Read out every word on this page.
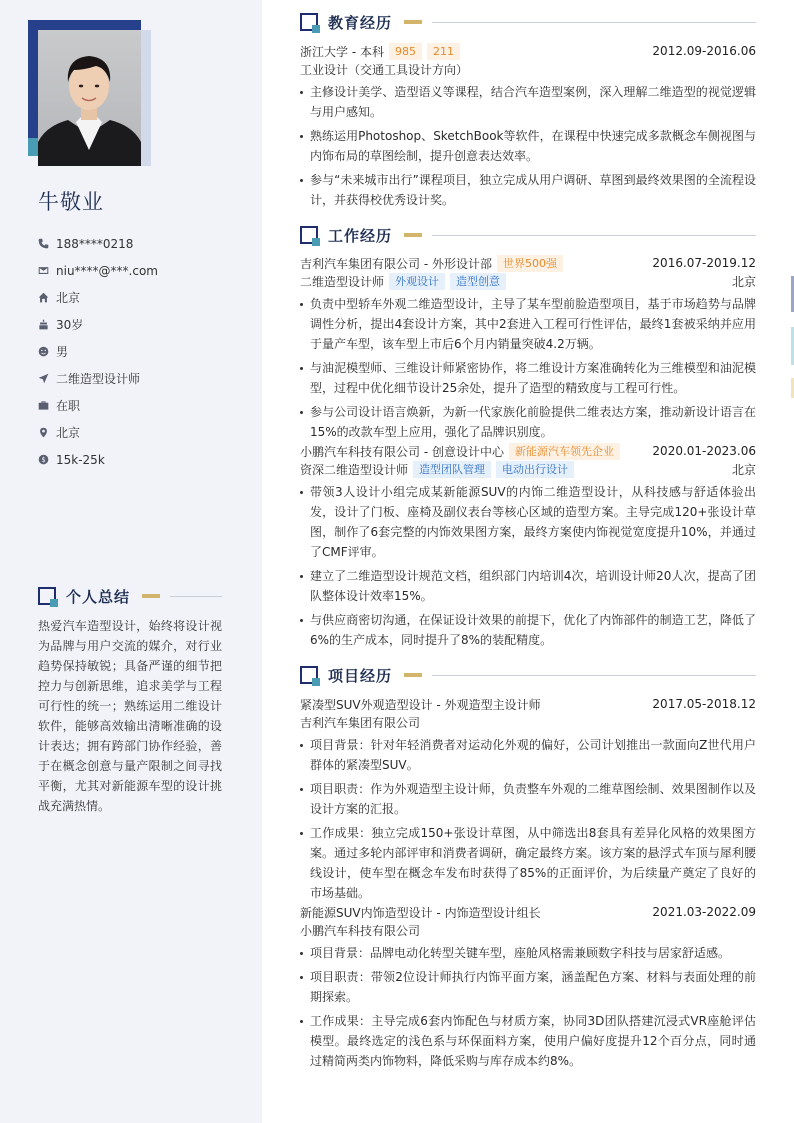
牛敬业
188****0218
niu****@***.com
北京
30岁
男
二维造型设计师
在职
北京
$ 15k-25k
个人总结
热爱汽车造型设计，始终将设计视为品牌与用户交流的媒介，对行业趋势保持敏锐；具备严谨的细节把控力与创新思维，追求美学与工程可行性的统一；熟练运用二维设计软件，能够高效输出清晰准确的设计表达；拥有跨部门协作经验，善于在概念创意与量产限制之间寻找平衡，尤其对新能源车型的设计挑战充满热情。
教育经历
浙江大学 - 本科	985	211	2012.09-2016.06
工业设计（交通工具设计方向）
主修设计美学、造型语义等课程，结合汽车造型案例，深入理解二维造型的视觉逻辑与用户感知。
熟练运用Photoshop、SketchBook等软件，在课程中快速完成多款概念车侧视图与内饰布局的草图绘制，提升创意表达效率。
参与“未来城市出行”课程项目，独立完成从用户调研、草图到最终效果图的全流程设计，并获得校优秀设计奖。
工作经历
吉利汽车集团有限公司 - 外形设计部	世界500强	2016.07-2019.12
二维造型设计师	外观设计	造型创意	北京
负责中型轿车外观二维造型设计，主导了某车型前脸造型项目，基于市场趋势与品牌调性分析，提出4套设计方案，其中2套进入工程可行性评估，最终1套被采纳并应用于量产车型，该车型上市后6个月内销量突破4.2万辆。
与油泥模型师、三维设计师紧密协作，将二维设计方案准确转化为三维模型和油泥模型，过程中优化细节设计25余处，提升了造型的精致度与工程可行性。
参与公司设计语言焕新，为新一代家族化前脸提供二维表达方案，推动新设计语言在15%的改款车型上应用，强化了品牌识别度。
小鹏汽车科技有限公司 - 创意设计中心	新能源汽车领先企业	2020.01-2023.06
资深二维造型设计师	造型团队管理	电动出行设计	北京
带领3人设计小组完成某新能源SUV的内饰二维造型设计，从科技感与舒适体验出发，设计了门板、座椅及副仪表台等核心区域的造型方案。主导完成120+张设计草图，制作了6套完整的内饰效果图方案，最终方案使内饰视觉宽度提升10%，并通过了CMF评审。
建立了二维造型设计规范文档，组织部门内培训4次，培训设计师20人次，提高了团队整体设计效率15%。
与供应商密切沟通，在保证设计效果的前提下，优化了内饰部件的制造工艺，降低了6%的生产成本，同时提升了8%的装配精度。
项目经历
紧凑型SUV外观造型设计 - 外观造型主设计师	2017.05-2018.12
吉利汽车集团有限公司
项目背景：针对年轻消费者对运动化外观的偏好，公司计划推出一款面向Z世代用户群体的紧凑型SUV。
项目职责：作为外观造型主设计师，负责整车外观的二维草图绘制、效果图制作以及设计方案的汇报。
工作成果：独立完成150+张设计草图，从中筛选出8套具有差异化风格的效果图方案。通过多轮内部评审和消费者调研，确定最终方案。该方案的悬浮式车顶与犀利腰线设计，使车型在概念车发布时获得了85%的正面评价，为后续量产奠定了良好的市场基础。
新能源SUV内饰造型设计 - 内饰造型设计组长	2021.03-2022.09
小鹏汽车科技有限公司
项目背景：品牌电动化转型关键车型，座舱风格需兼顾数字科技与居家舒适感。
项目职责：带领2位设计师执行内饰平面方案，涵盖配色方案、材料与表面处理的前期探索。
工作成果：主导完成6套内饰配色与材质方案，协同3D团队搭建沉浸式VR座舱评估模型。最终选定的浅色系与环保面料方案，使用户偏好度提升12个百分点，同时通过精简两类内饰物料，降低采购与库存成本约8%。
